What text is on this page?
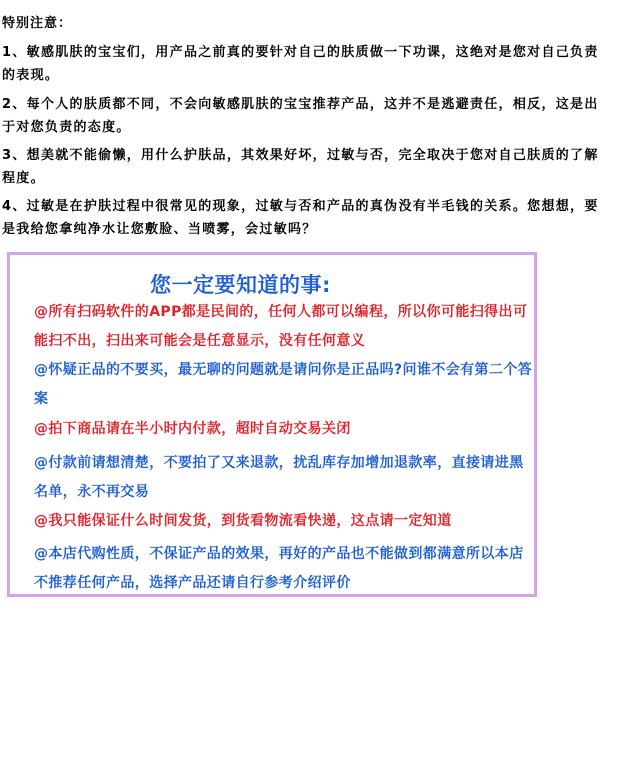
特别注意：
1、敏感肌肤的宝宝们，用产品之前真的要针对自己的肤质做一下功课，这绝对是您对自己负责的表现。
2、每个人的肤质都不同，不会向敏感肌肤的宝宝推荐产品，这并不是逃避责任，相反，这是出于对您负责的态度。
3、想美就不能偷懒，用什么护肤品，其效果好坏，过敏与否，完全取决于您对自己肤质的了解程度。
4、过敏是在护肤过程中很常见的现象，过敏与否和产品的真伪没有半毛钱的关系。您想想，要是我给您拿纯净水让您敷脸、当喷雾，会过敏吗？
您一定要知道的事:
@所有扫码软件的APP都是民间的，任何人都可以编程，所以你可能扫得出可能扫不出，扫出来可能会是任意显示，没有任何意义
@怀疑正品的不要买，最无聊的问题就是请问你是正品吗?问谁不会有第二个答案
@拍下商品请在半小时内付款，超时自动交易关闭
@付款前请想清楚，不要拍了又来退款，扰乱库存加增加退款率，直接请进黑名单，永不再交易
@我只能保证什么时间发货，到货看物流看快递，这点请一定知道
@本店代购性质，不保证产品的效果，再好的产品也不能做到都满意所以本店不推荐任何产品，选择产品还请自行参考介绍评价
